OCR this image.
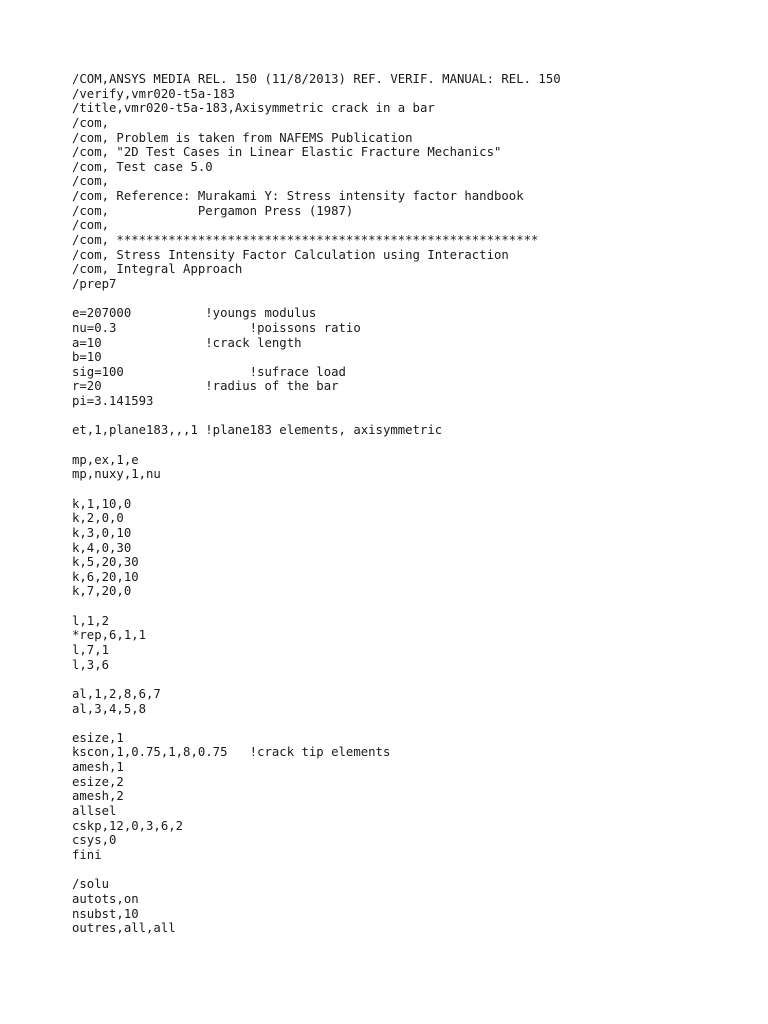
/COM,ANSYS MEDIA REL. 150 (11/8/2013) REF. VERIF. MANUAL: REL. 150
/verify,vmr020-t5a-183
/title,vmr020-t5a-183,Axisymmetric crack in a bar
/com,
/com, Problem is taken from NAFEMS Publication
/com, "2D Test Cases in Linear Elastic Fracture Mechanics"
/com, Test case 5.0
/com,
/com, Reference: Murakami Y: Stress intensity factor handbook
/com,            Pergamon Press (1987)
/com,
/com, *********************************************************
/com, Stress Intensity Factor Calculation using Interaction
/com, Integral Approach
/prep7
e=207000          !youngs modulus
nu=0.3                  !poissons ratio
a=10              !crack length
b=10
sig=100                 !sufrace load
r=20              !radius of the bar
pi=3.141593
et,1,plane183,,,1 !plane183 elements, axisymmetric
mp,ex,1,e
mp,nuxy,1,nu
k,1,10,0
k,2,0,0
k,3,0,10
k,4,0,30
k,5,20,30
k,6,20,10
k,7,20,0
l,1,2
*rep,6,1,1
l,7,1
l,3,6
al,1,2,8,6,7
al,3,4,5,8
esize,1
kscon,1,0.75,1,8,0.75   !crack tip elements
amesh,1
esize,2
amesh,2
allsel
cskp,12,0,3,6,2
csys,0
fini
/solu
autots,on
nsubst,10
outres,all,all
